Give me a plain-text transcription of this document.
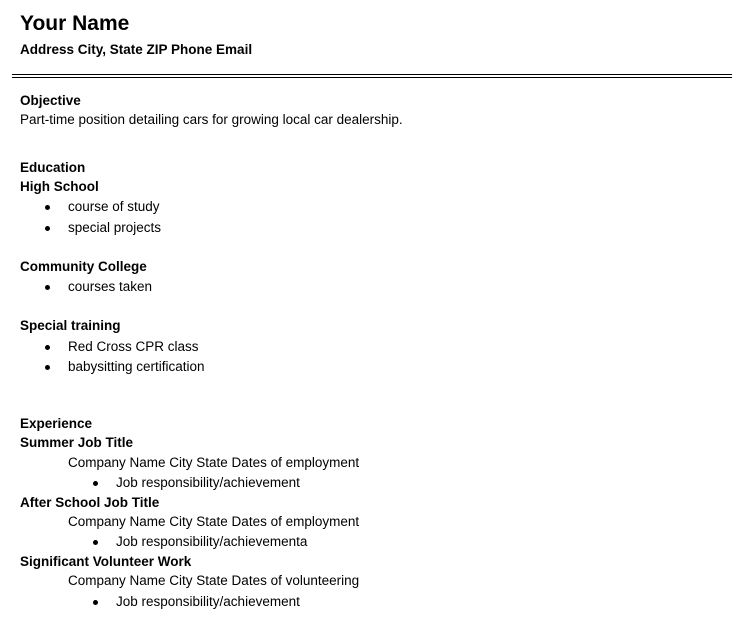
Your Name
Address City, State ZIP Phone Email
Objective
Part-time position detailing cars for growing local car dealership.
Education
High School
course of study
special projects
Community College
courses taken
Special training
Red Cross CPR class
babysitting certification
Experience
Summer Job Title
Company Name City State Dates of employment
Job responsibility/achievement
After School Job Title
Company Name City State Dates of employment
Job responsibility/achievementa
Significant Volunteer Work
Company Name City State Dates of volunteering
Job responsibility/achievement
